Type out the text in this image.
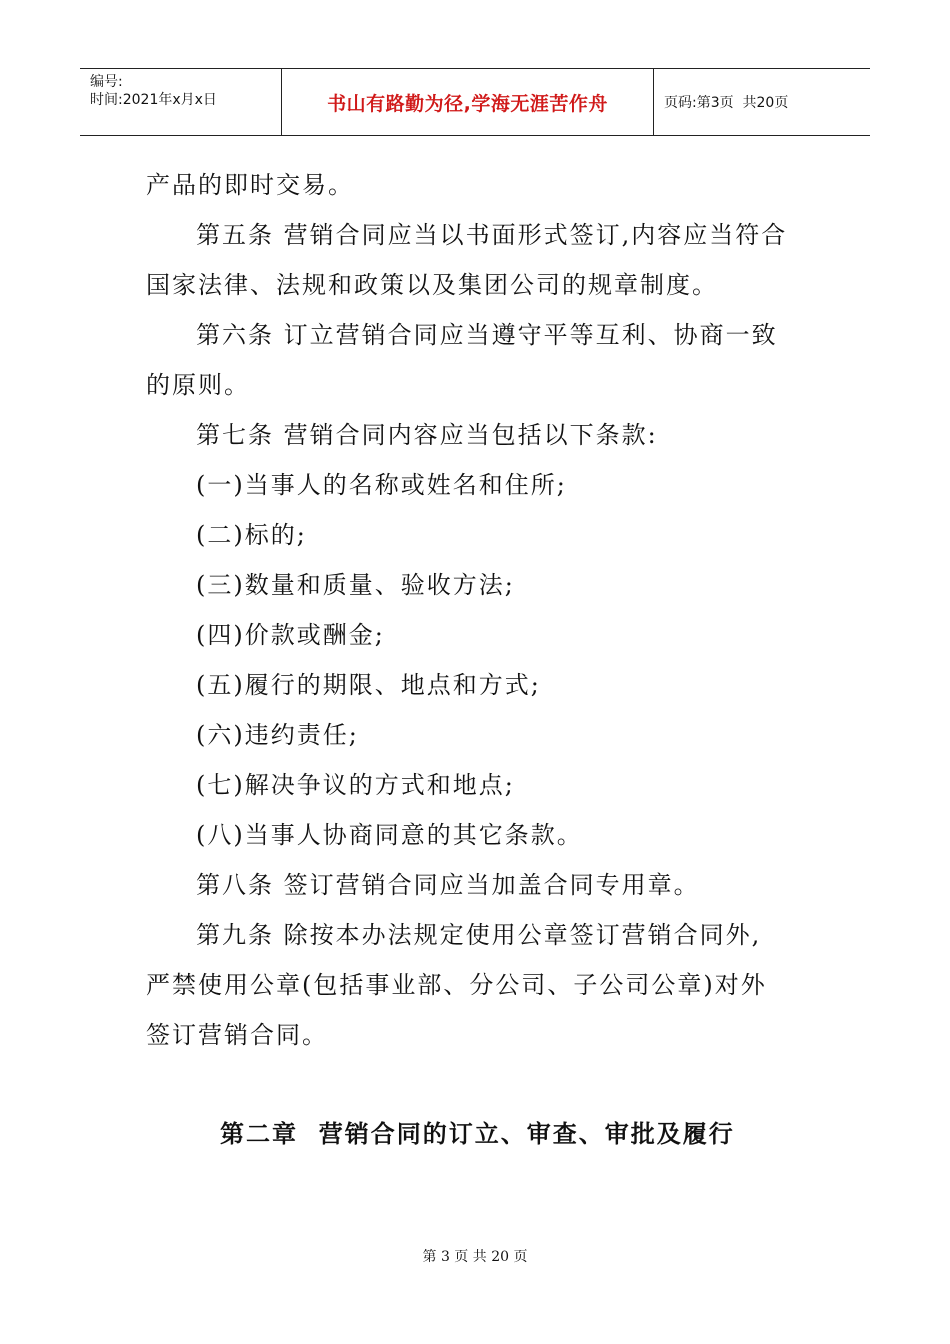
编号:
时间:2021年x月x日	书山有路勤为径,学海无涯苦作舟	页码:第3页  共20页
产品的即时交易。
第五条 营销合同应当以书面形式签订,内容应当符合
国家法律、法规和政策以及集团公司的规章制度。
第六条 订立营销合同应当遵守平等互利、协商一致
的原则。
第七条 营销合同内容应当包括以下条款:
(一)当事人的名称或姓名和住所;
(二)标的;
(三)数量和质量、验收方法;
(四)价款或酬金;
(五)履行的期限、地点和方式;
(六)违约责任;
(七)解决争议的方式和地点;
(八)当事人协商同意的其它条款。
第八条 签订营销合同应当加盖合同专用章。
第九条 除按本办法规定使用公章签订营销合同外,
严禁使用公章(包括事业部、分公司、子公司公章)对外
签订营销合同。
第二章  营销合同的订立、审查、审批及履行
第 3 页 共 20 页
